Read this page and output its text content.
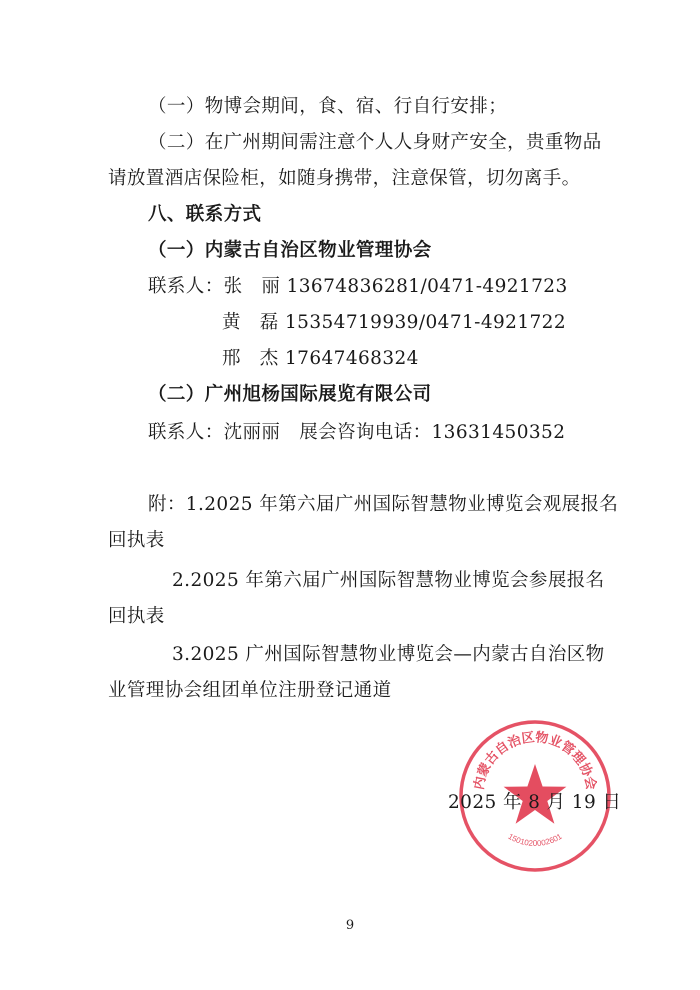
（一）物博会期间，食、宿、行自行安排；
（二）在广州期间需注意个人人身财产安全，贵重物品
请放置酒店保险柜，如随身携带，注意保管，切勿离手。
八、联系方式
（一）内蒙古自治区物业管理协会
联系人：张　丽 13674836281/0471-4921723
黄　磊 15354719939/0471-4921722
邢　杰 17647468324
（二）广州旭杨国际展览有限公司
联系人：沈丽丽　展会咨询电话：13631450352
附：1.2025 年第六届广州国际智慧物业博览会观展报名
回执表
2.2025 年第六届广州国际智慧物业博览会参展报名
回执表
3.2025 广州国际智慧物业博览会—内蒙古自治区物
业管理协会组团单位注册登记通道
内蒙古自治区物业管理协会
1501020002601
2025 年 8 月 19 日
9
